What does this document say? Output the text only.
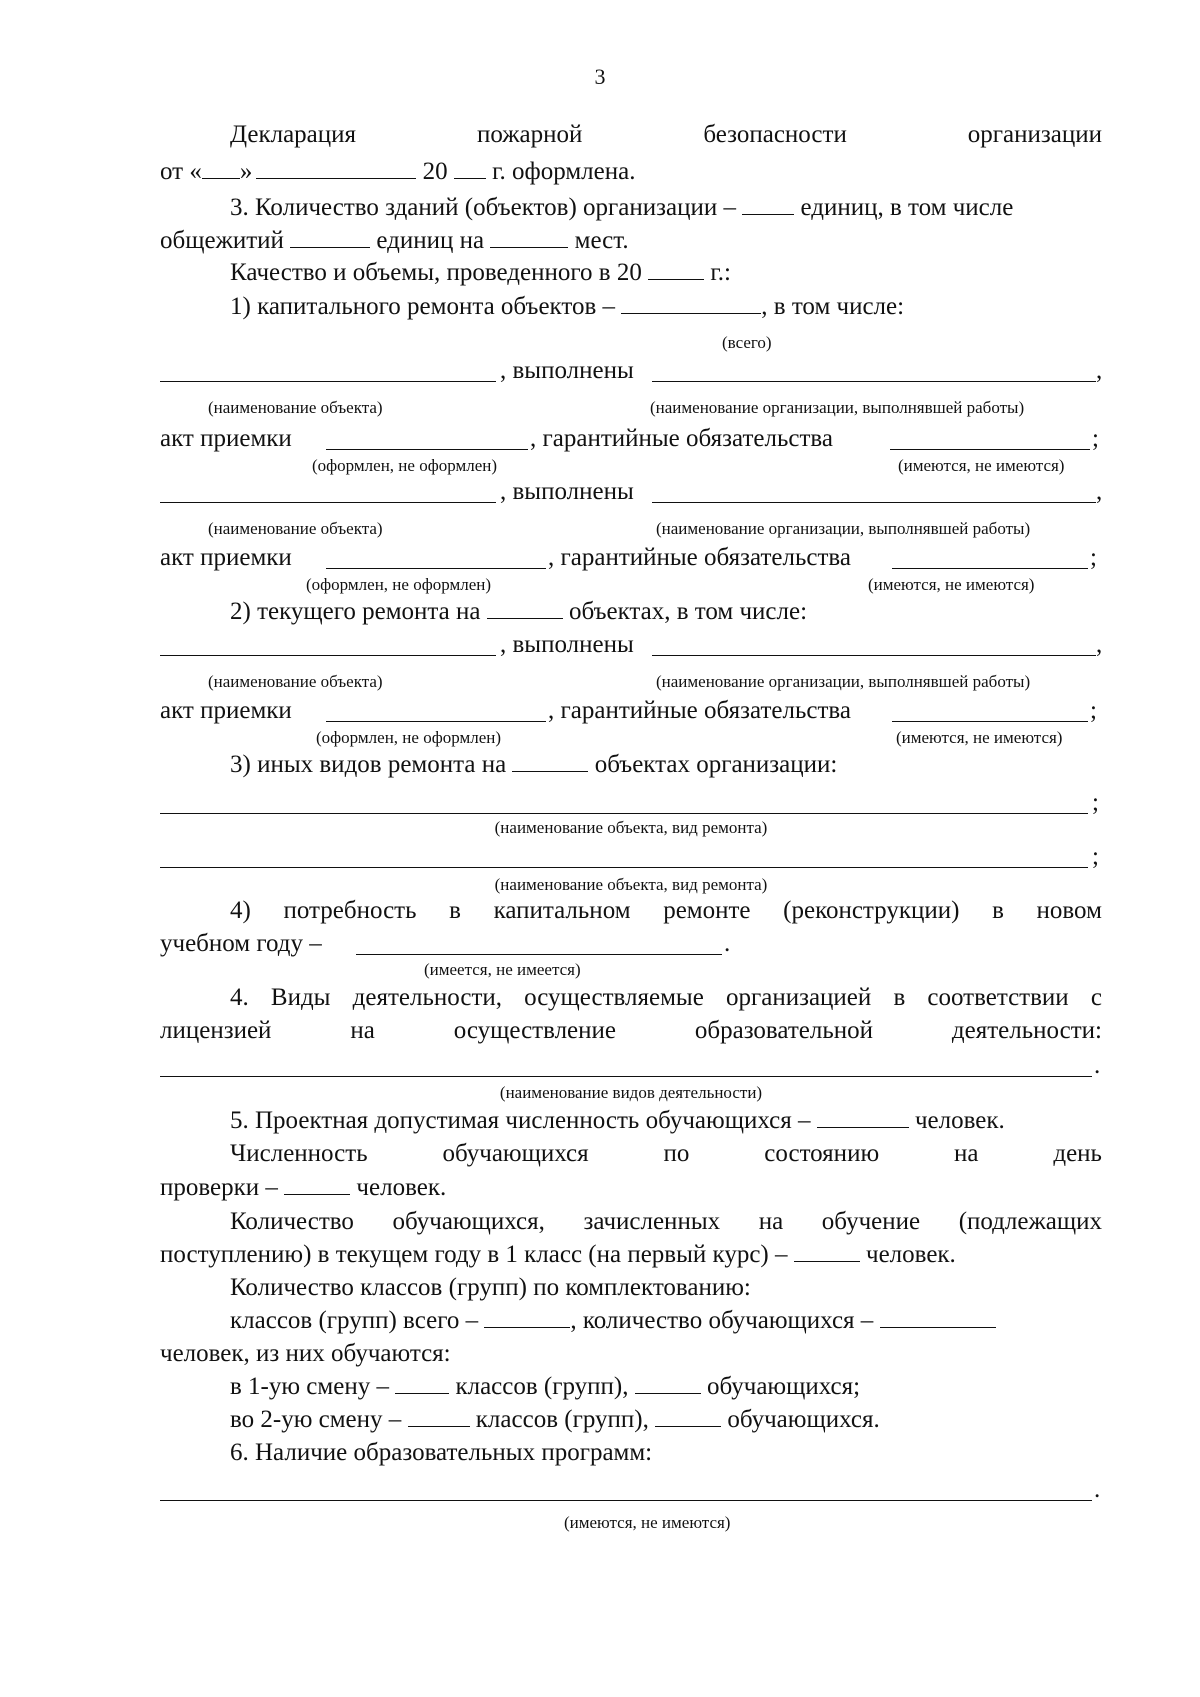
3
Декларация	пожарной	безопасности	организации
от « »	20 г. оформлена.
3. Количество зданий (объектов) организации –	единиц, в том числе
общежитий	единиц на	мест.
Качество и объемы, проведенного в 20	г.:
1) капитального ремонта объектов –	, в том числе:
(всего)
, выполнены	,
(наименование объекта)	(наименование организации, выполнявшей работы)
акт приемки	, гарантийные обязательства	;
(оформлен, не оформлен)	(имеются, не имеются)
, выполнены	,
(наименование объекта)	(наименование организации, выполнявшей работы)
акт приемки	, гарантийные обязательства	;
(оформлен, не оформлен)	(имеются, не имеются)
2) текущего ремонта на	объектах, в том числе:
, выполнены	,
(наименование объекта)	(наименование организации, выполнявшей работы)
акт приемки	, гарантийные обязательства	;
(оформлен, не оформлен)	(имеются, не имеются)
3) иных видов ремонта на	объектах организации:
;
(наименование объекта, вид ремонта)
;
(наименование объекта, вид ремонта)
4) потребность в капитальном ремонте (реконструкции) в новом
учебном году –	.
(имеется, не имеется)
4. Виды деятельности, осуществляемые организацией в соответствии с
лицензией	на	осуществление	образовательной	деятельности:
.
(наименование видов деятельности)
5. Проектная допустимая численность обучающихся –	человек.
Численность	обучающихся	по	состоянию	на	день
проверки –	человек.
Количество обучающихся, зачисленных на обучение (подлежащих
поступлению) в текущем году в 1 класс (на первый курс) –	человек.
Количество классов (групп) по комплектованию:
классов (групп) всего –	, количество обучающихся –
человек, из них обучаются:
в 1-ую смену –	классов (групп),	обучающихся;
во 2-ую смену –	классов (групп),	обучающихся.
6. Наличие образовательных программ:
.
(имеются, не имеются)
